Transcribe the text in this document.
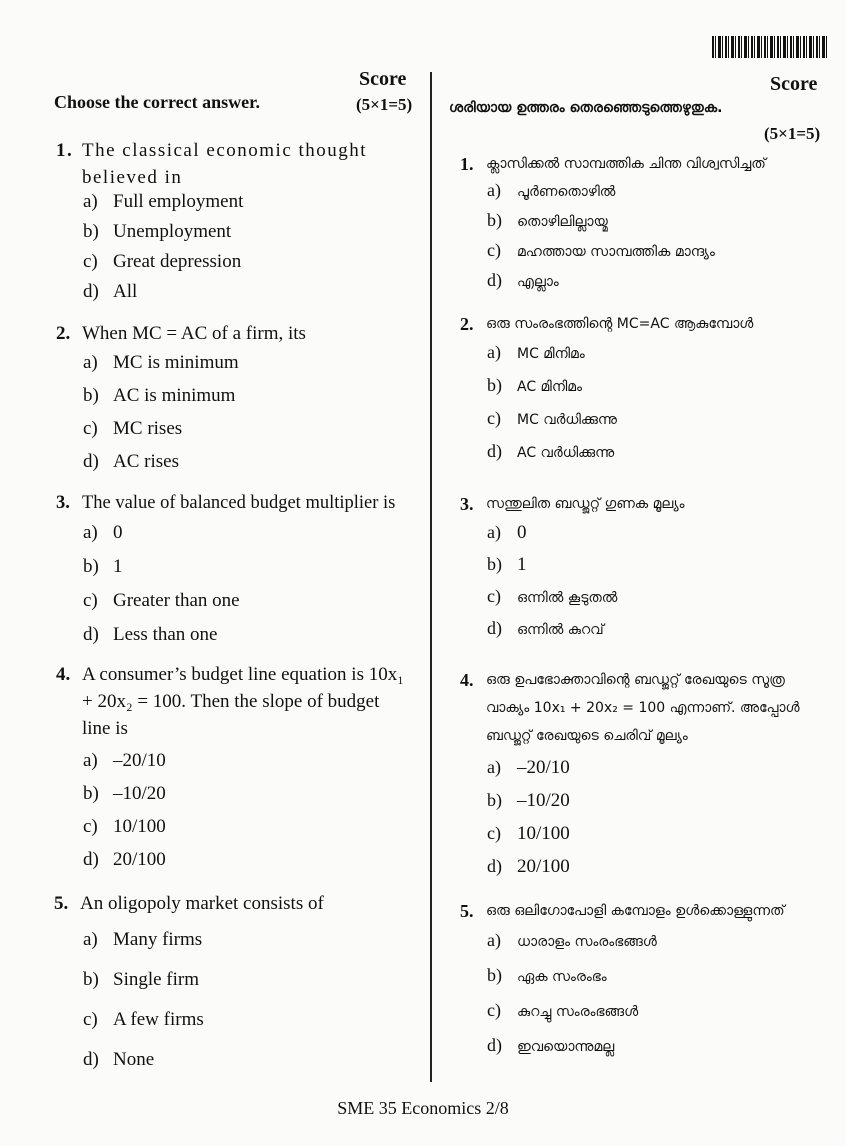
Score
(5×1=5)
Choose the correct answer.
Score
ശരിയായ ഉത്തരം തെരഞ്ഞെടുത്തെഴുതുക.
(5×1=5)
1. The classical economic thought believed in
a) Full employment
b) Unemployment
c) Great depression
d) All
2. When MC = AC of a firm, its
a) MC is minimum
b) AC is minimum
c) MC rises
d) AC rises
3. The value of balanced budget multiplier is
a) 0
b) 1
c) Greater than one
d) Less than one
4. A consumer’s budget line equation is 10x₁ + 20x₂ = 100. Then the slope of budget line is
a) –20/10
b) –10/20
c) 10/100
d) 20/100
5. An oligopoly market consists of
a) Many firms
b) Single firm
c) A few firms
d) None
1. ക്ലാസിക്കൽ സാമ്പത്തിക ചിന്ത വിശ്വസിച്ചത്
a)	പൂർണതൊഴിൽ
b)	തൊഴിലില്ലായ്മ
c)	മഹത്തായ സാമ്പത്തിക മാന്ദ്യം
d)	എല്ലാം
2. ഒരു സംരംഭത്തിന്റെ MC=AC ആകുമ്പോൾ
a)	MC മിനിമം
b)	AC മിനിമം
c)	MC വർധിക്കുന്നു
d)	AC വർധിക്കുന്നു
3. സന്തുലിത ബഡ്ജറ്റ് ഗുണക മൂല്യം
a) 0
b) 1
c)	ഒന്നിൽ കൂടുതൽ
d)	ഒന്നിൽ കുറവ്
4. ഒരു ഉപഭോക്താവിന്റെ ബഡ്ജറ്റ് രേഖയുടെ സൂത്ര വാക്യം 10x₁ + 20x₂ = 100 എന്നാണ്. അപ്പോൾ ബഡ്ജറ്റ് രേഖയുടെ ചെരിവ് മൂല്യം
a) –20/10
b) –10/20
c) 10/100
d) 20/100
5. ഒരു ഒലിഗോപോളി കമ്പോളം ഉൾക്കൊള്ളുന്നത്
a)	ധാരാളം സംരംഭങ്ങൾ
b)	ഏക സംരംഭം
c)	കുറച്ചു സംരംഭങ്ങൾ
d)	ഇവയൊന്നുമല്ല
SME 35 Economics 2/8
